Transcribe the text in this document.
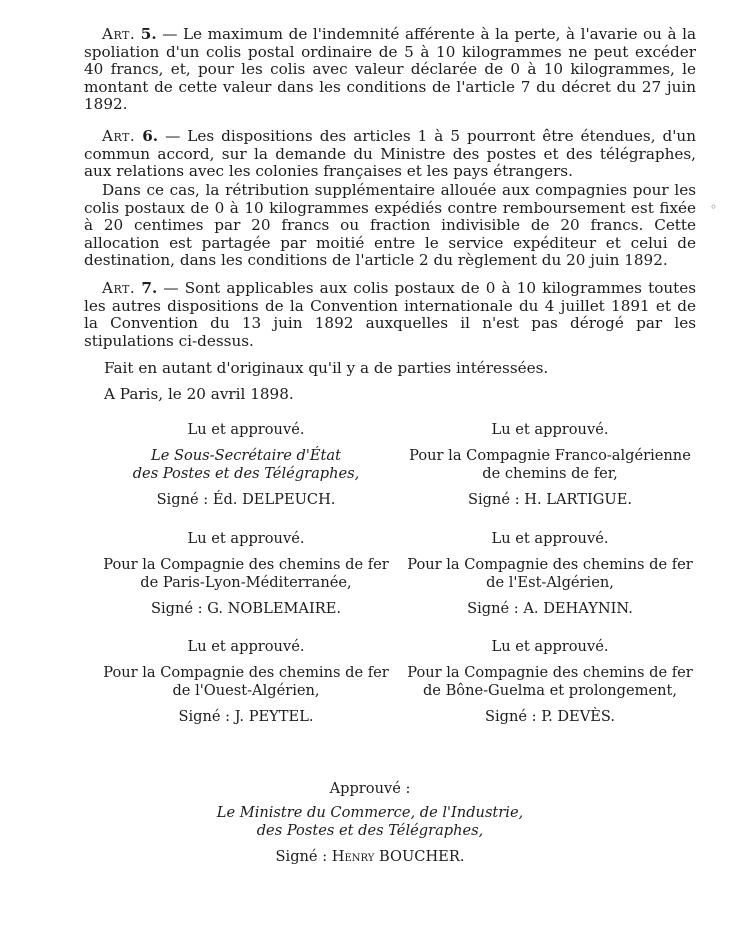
Art. 5. — Le maximum de l'indemnité afférente à la perte, à l'avarie ou à la spoliation d'un colis postal ordinaire de 5 à 10 kilogrammes ne peut excéder 40 francs, et, pour les colis avec valeur déclarée de 0 à 10 kilogrammes, le montant de cette valeur dans les conditions de l'article 7 du décret du 27 juin 1892.

Art. 6. — Les dispositions des articles 1 à 5 pourront être étendues, d'un commun accord, sur la demande du Ministre des postes et des télégraphes, aux relations avec les colonies françaises et les pays étrangers.

Dans ce cas, la rétribution supplémentaire allouée aux compagnies pour les colis postaux de 0 à 10 kilogrammes expédiés contre remboursement est fixée à 20 centimes par 20 francs ou fraction indivisible de 20 francs. Cette allocation est partagée par moitié entre le service expéditeur et celui de destination, dans les conditions de l'article 2 du règlement du 20 juin 1892.

Art. 7. — Sont applicables aux colis postaux de 0 à 10 kilogrammes toutes les autres dispositions de la Convention internationale du 4 juillet 1891 et de la Convention du 13 juin 1892 auxquelles il n'est pas dérogé par les stipulations ci-dessus.

Fait en autant d'originaux qu'il y a de parties intéressées.

A Paris, le 20 avril 1898.

Lu et approuvé.

Le Sous-Secrétaire d'État

des Postes et des Télégraphes,

Signé : Éd. DELPEUCH.

Lu et approuvé.

Pour la Compagnie Franco-algérienne

de chemins de fer,

Signé : H. LARTIGUE.

Lu et approuvé.

Pour la Compagnie des chemins de fer

de Paris-Lyon-Méditerranée,

Signé : G. NOBLEMAIRE.

Lu et approuvé.

Pour la Compagnie des chemins de fer

de l'Est-Algérien,

Signé : A. DEHAYNIN.

Lu et approuvé.

Pour la Compagnie des chemins de fer

de l'Ouest-Algérien,

Signé : J. PEYTEL.

Lu et approuvé.

Pour la Compagnie des chemins de fer

de Bône-Guelma et prolongement,

Signé : P. DEVÈS.

Approuvé :

Le Ministre du Commerce, de l'Industrie,

des Postes et des Télégraphes,

Signé : Henry BOUCHER.

◦
